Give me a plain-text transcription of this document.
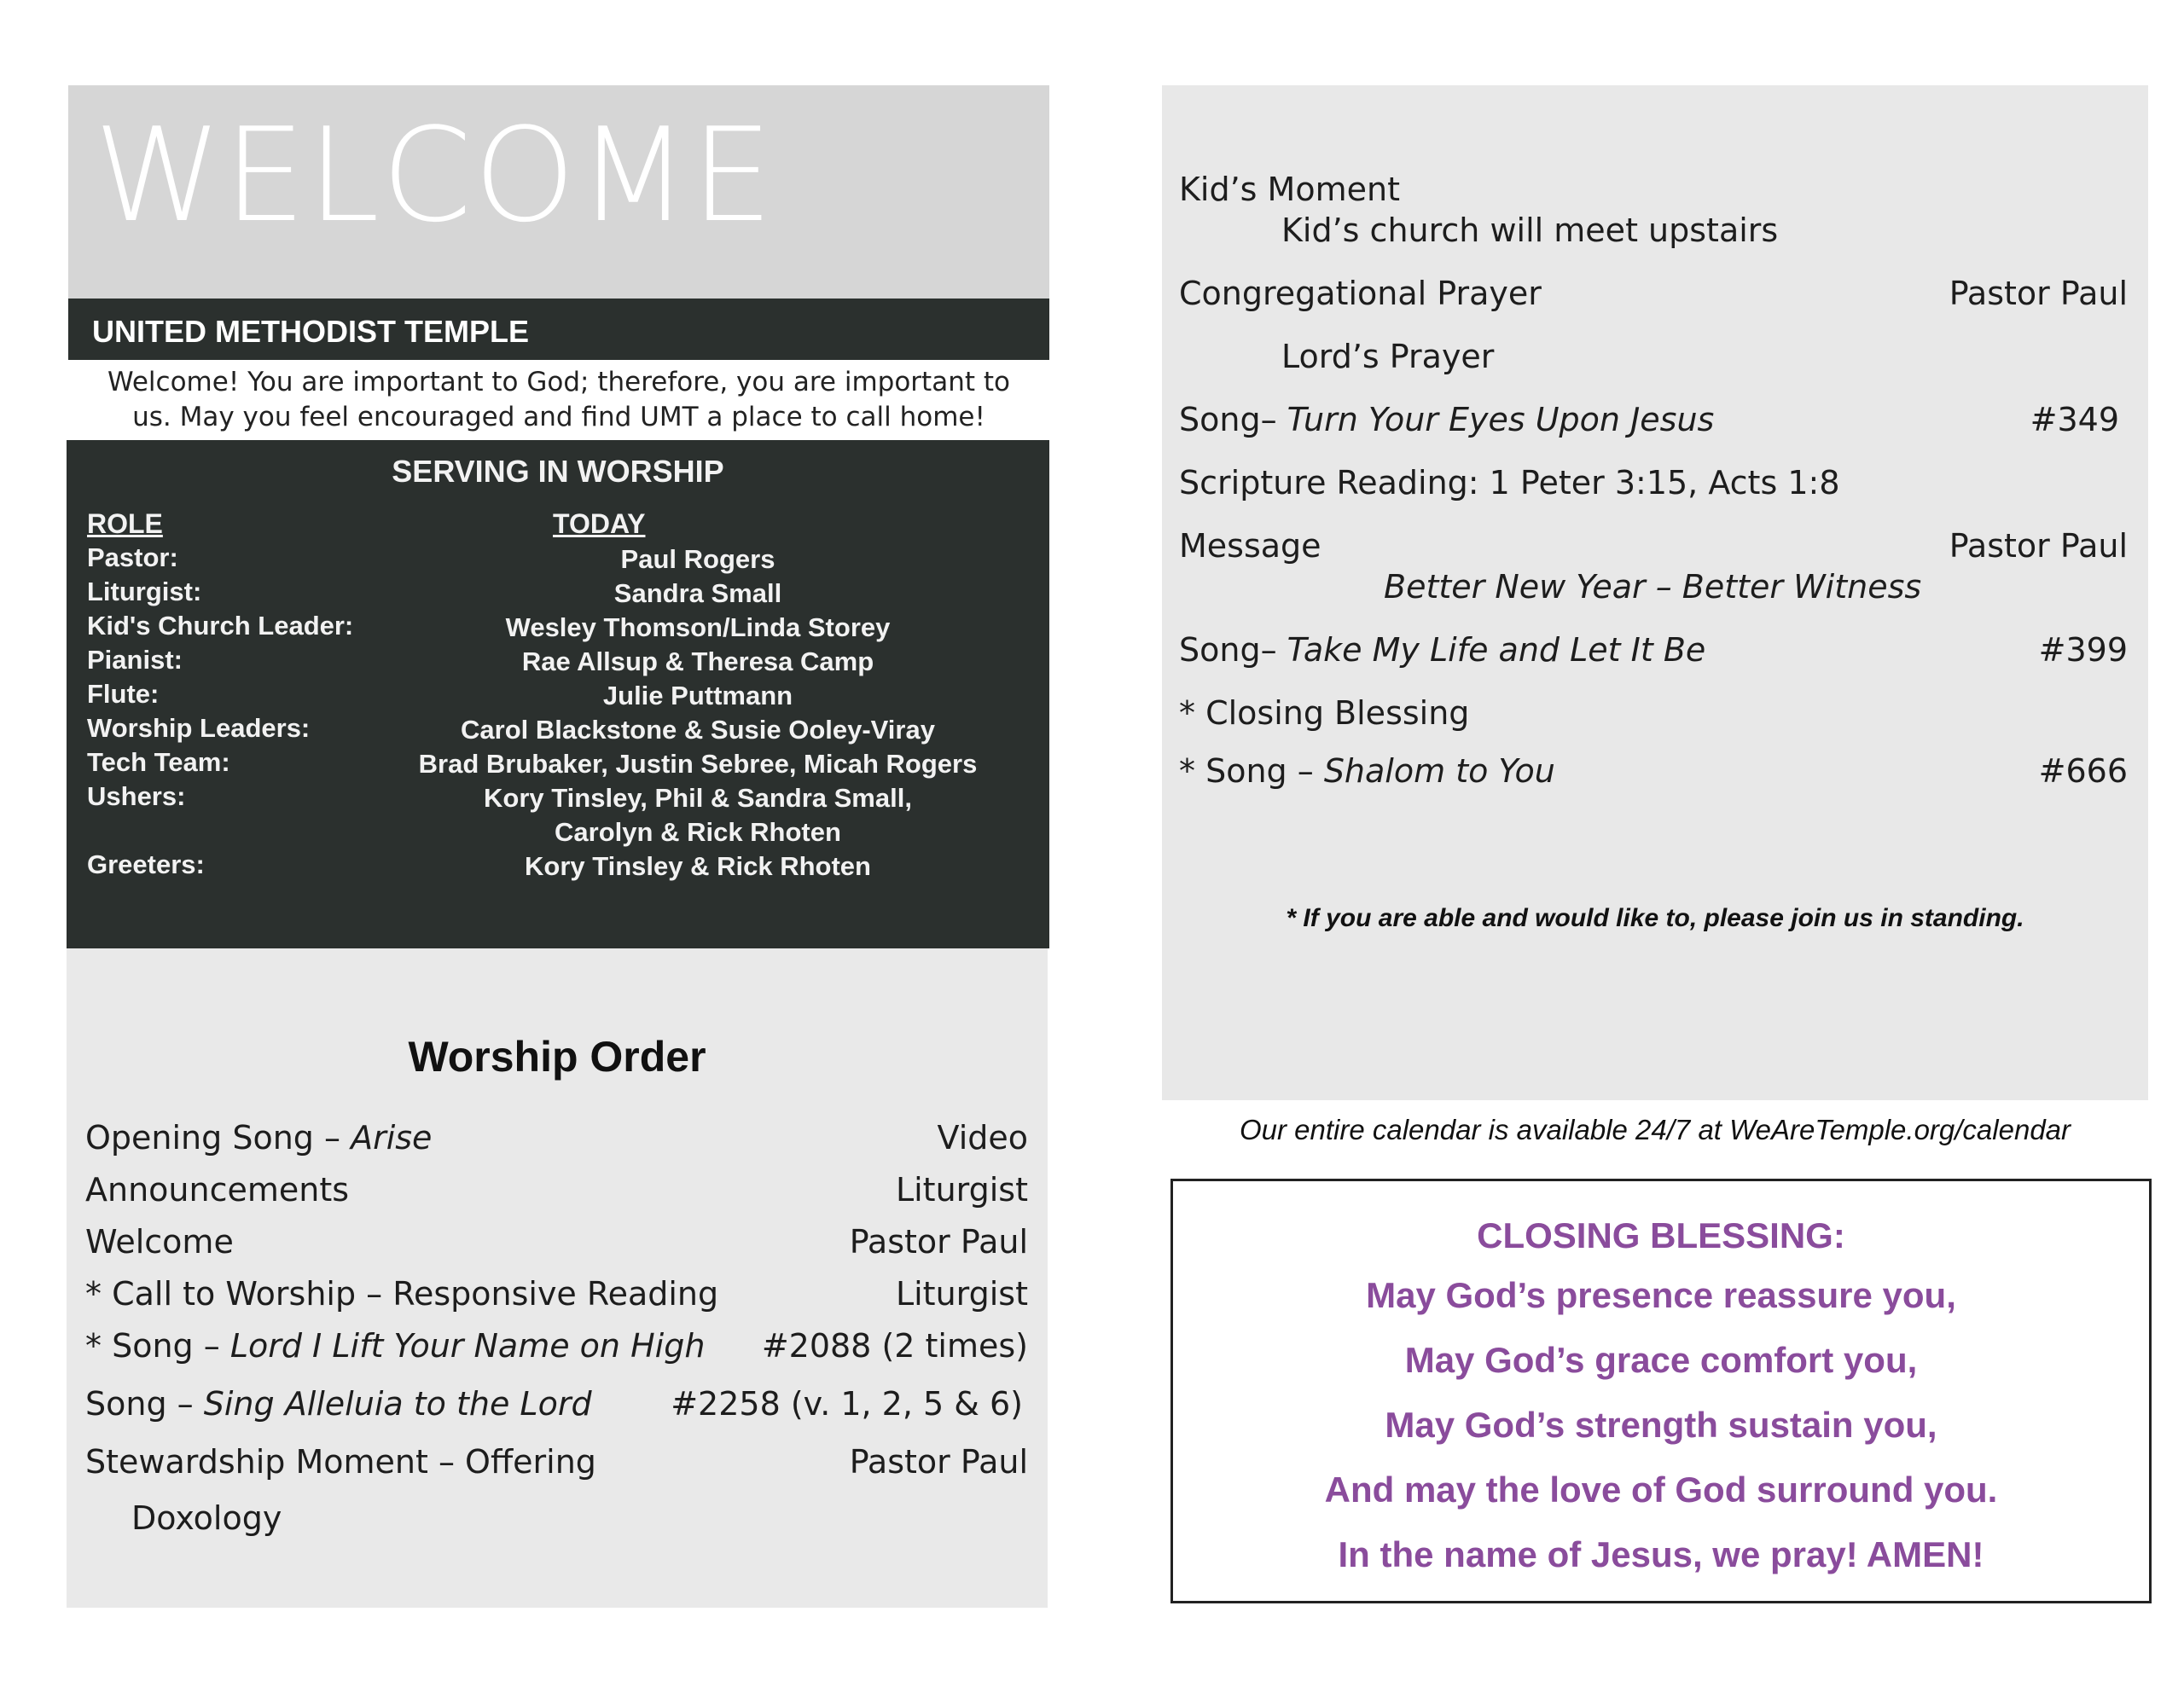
WELCOME
UNITED METHODIST TEMPLE
Welcome! You are important to God; therefore, you are important to
us. May you feel encouraged and find UMT a place to call home!
SERVING IN WORSHIP
ROLE	TODAY
Pastor:	Paul Rogers
Liturgist:	Sandra Small
Kid's Church Leader:	Wesley Thomson/Linda Storey
Pianist:	Rae Allsup & Theresa Camp
Flute:	Julie Puttmann
Worship Leaders:	Carol Blackstone & Susie Ooley-Viray
Tech Team:	Brad Brubaker, Justin Sebree, Micah Rogers
Ushers:	Kory Tinsley, Phil & Sandra Small,
Carolyn & Rick Rhoten
Greeters:	Kory Tinsley & Rick Rhoten
Worship Order
Opening Song – Arise	Video
Announcements	Liturgist
Welcome	Pastor Paul
* Call to Worship – Responsive Reading	Liturgist
* Song – Lord I Lift Your Name on High #2088 (2 times)
Song – Sing Alleluia to the Lord #2258 (v. 1, 2, 5 & 6)
Stewardship Moment – Offering	Pastor Paul
Doxology
Kid’s Moment
Kid’s church will meet upstairs
Congregational Prayer	Pastor Paul
Lord’s Prayer
Song– Turn Your Eyes Upon Jesus	#349
Scripture Reading: 1 Peter 3:15, Acts 1:8
Message	Pastor Paul
Better New Year – Better Witness
Song– Take My Life and Let It Be	#399
* Closing Blessing
* Song – Shalom to You	#666
* If you are able and would like to, please join us in standing.
Our entire calendar is available 24/7 at WeAreTemple.org/calendar
CLOSING BLESSING:
May God’s presence reassure you,
May God’s grace comfort you,
May God’s strength sustain you,
And may the love of God surround you.
In the name of Jesus, we pray! AMEN!
